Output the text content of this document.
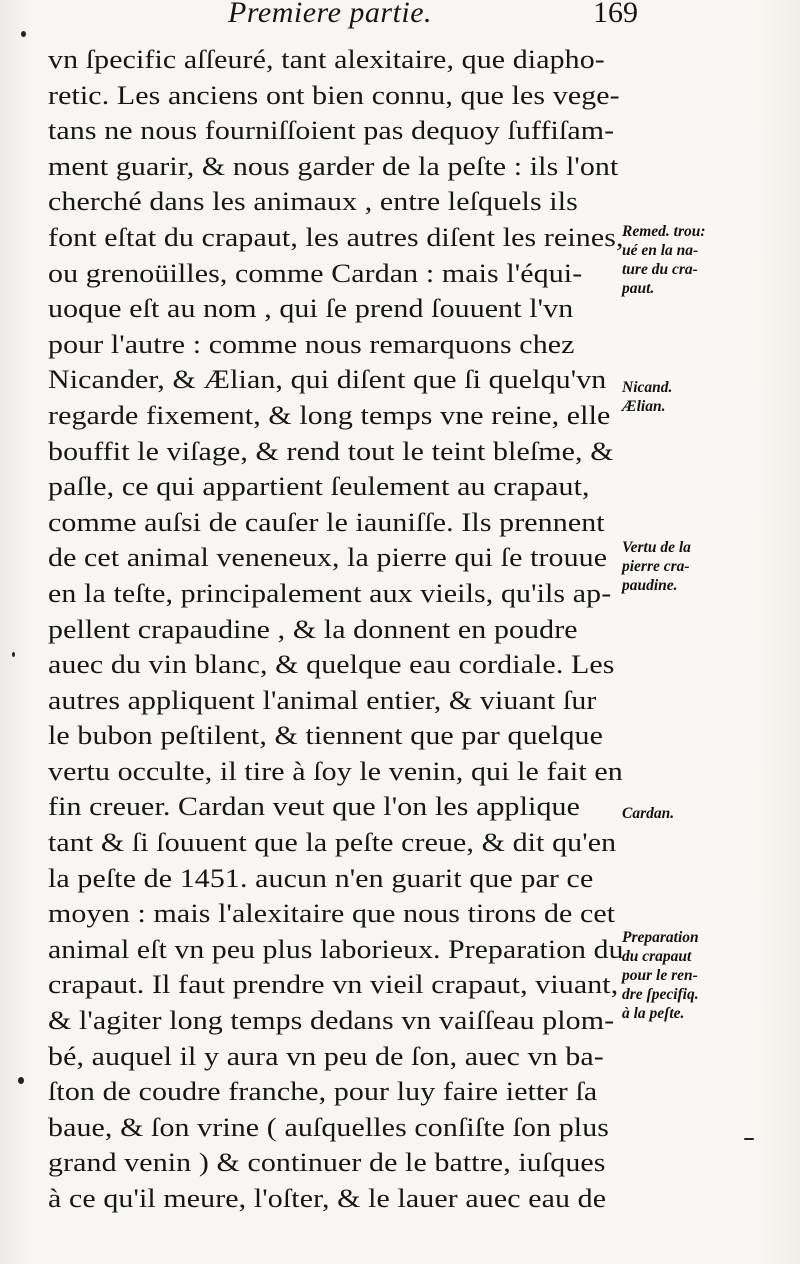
Premiere partie.	169
vn ſpecific aſſeuré, tant alexitaire, que diapho-
retic. Les anciens ont bien connu, que les vege-
tans ne nous fourniſſoient pas dequoy ſuffiſam-
ment guarir, & nous garder de la peſte : ils l'ont
cherché dans les animaux , entre leſquels ils
font eſtat du crapaut, les autres diſent les reines,
ou grenoüilles, comme Cardan : mais l'équi-
uoque eſt au nom , qui ſe prend ſouuent l'vn
pour l'autre : comme nous remarquons chez
Nicander, & Ælian, qui diſent que ſi quelqu'vn
regarde fixement, & long temps vne reine, elle
bouffit le viſage, & rend tout le teint bleſme, &
paſle, ce qui appartient ſeulement au crapaut,
comme auſsi de cauſer le iauniſſe. Ils prennent
de cet animal veneneux, la pierre qui ſe trouue
en la teſte, principalement aux vieils, qu'ils ap-
pellent crapaudine , & la donnent en poudre
auec du vin blanc, & quelque eau cordiale. Les
autres appliquent l'animal entier, & viuant ſur
le bubon peſtilent, & tiennent que par quelque
vertu occulte, il tire à ſoy le venin, qui le fait en
fin creuer. Cardan veut que l'on les applique
tant & ſi ſouuent que la peſte creue, & dit qu'en
la peſte de 1451. aucun n'en guarit que par ce
moyen : mais l'alexitaire que nous tirons de cet
animal eſt vn peu plus laborieux. Preparation du
crapaut. Il faut prendre vn vieil crapaut, viuant,
& l'agiter long temps dedans vn vaiſſeau plom-
bé, auquel il y aura vn peu de ſon, auec vn ba-
ſton de coudre franche, pour luy faire ietter ſa
baue, & ſon vrine ( auſquelles conſiſte ſon plus
grand venin ) & continuer de le battre, iuſques
à ce qu'il meure, l'oſter, & le lauer auec eau de
Remed. trou:
ué en la na-
ture du cra-
paut.
Nicand.
Ælian.
Vertu de la
pierre cra-
paudine.
Cardan.
Preparation
du crapaut
pour le ren-
dre ſpecifiq.
à la peſte.
